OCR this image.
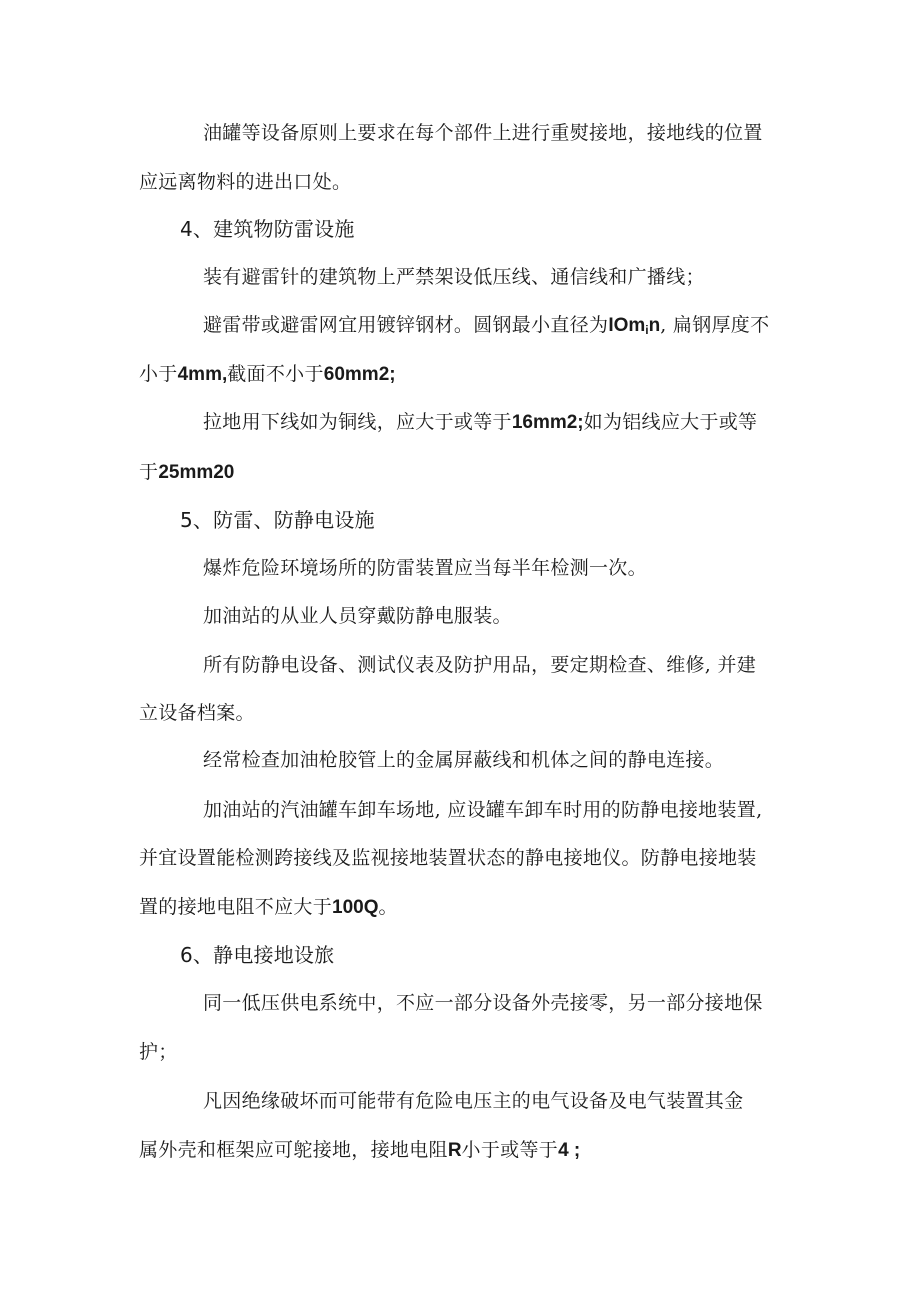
油罐等设备原则上要求在每个部件上进行重熨接地，接地线的位置
应远离物料的进出口处。
4、建筑物防雷设施
装有避雷针的建筑物上严禁架设低压线、通信线和广播线；
避雷带或避雷网宜用镀锌钢材。圆钢最小直径为IOmin, 扁钢厚度不
小于4mm,截面不小于60mm2;
拉地用下线如为铜线，应大于或等于16mm2;如为铝线应大于或等
于25mm20
5、防雷、防静电设施
爆炸危险环境场所的防雷装置应当每半年检测一次。
加油站的从业人员穿戴防静电服装。
所有防静电设备、测试仪表及防护用品，要定期检查、维修, 并建
立设备档案。
经常检查加油枪胶管上的金属屏蔽线和机体之间的静电连接。
加油站的汽油罐车卸车场地, 应设罐车卸车时用的防静电接地装置,
并宜设置能检测跨接线及监视接地装置状态的静电接地仪。防静电接地装
置的接地电阻不应大于100Q。
6、静电接地设旅
同一低压供电系统中，不应一部分设备外壳接零，另一部分接地保
护；
凡因绝缘破坏而可能带有危险电压主的电气设备及电气装置其金
属外壳和框架应可鸵接地，接地电阻R小于或等于4 ;
